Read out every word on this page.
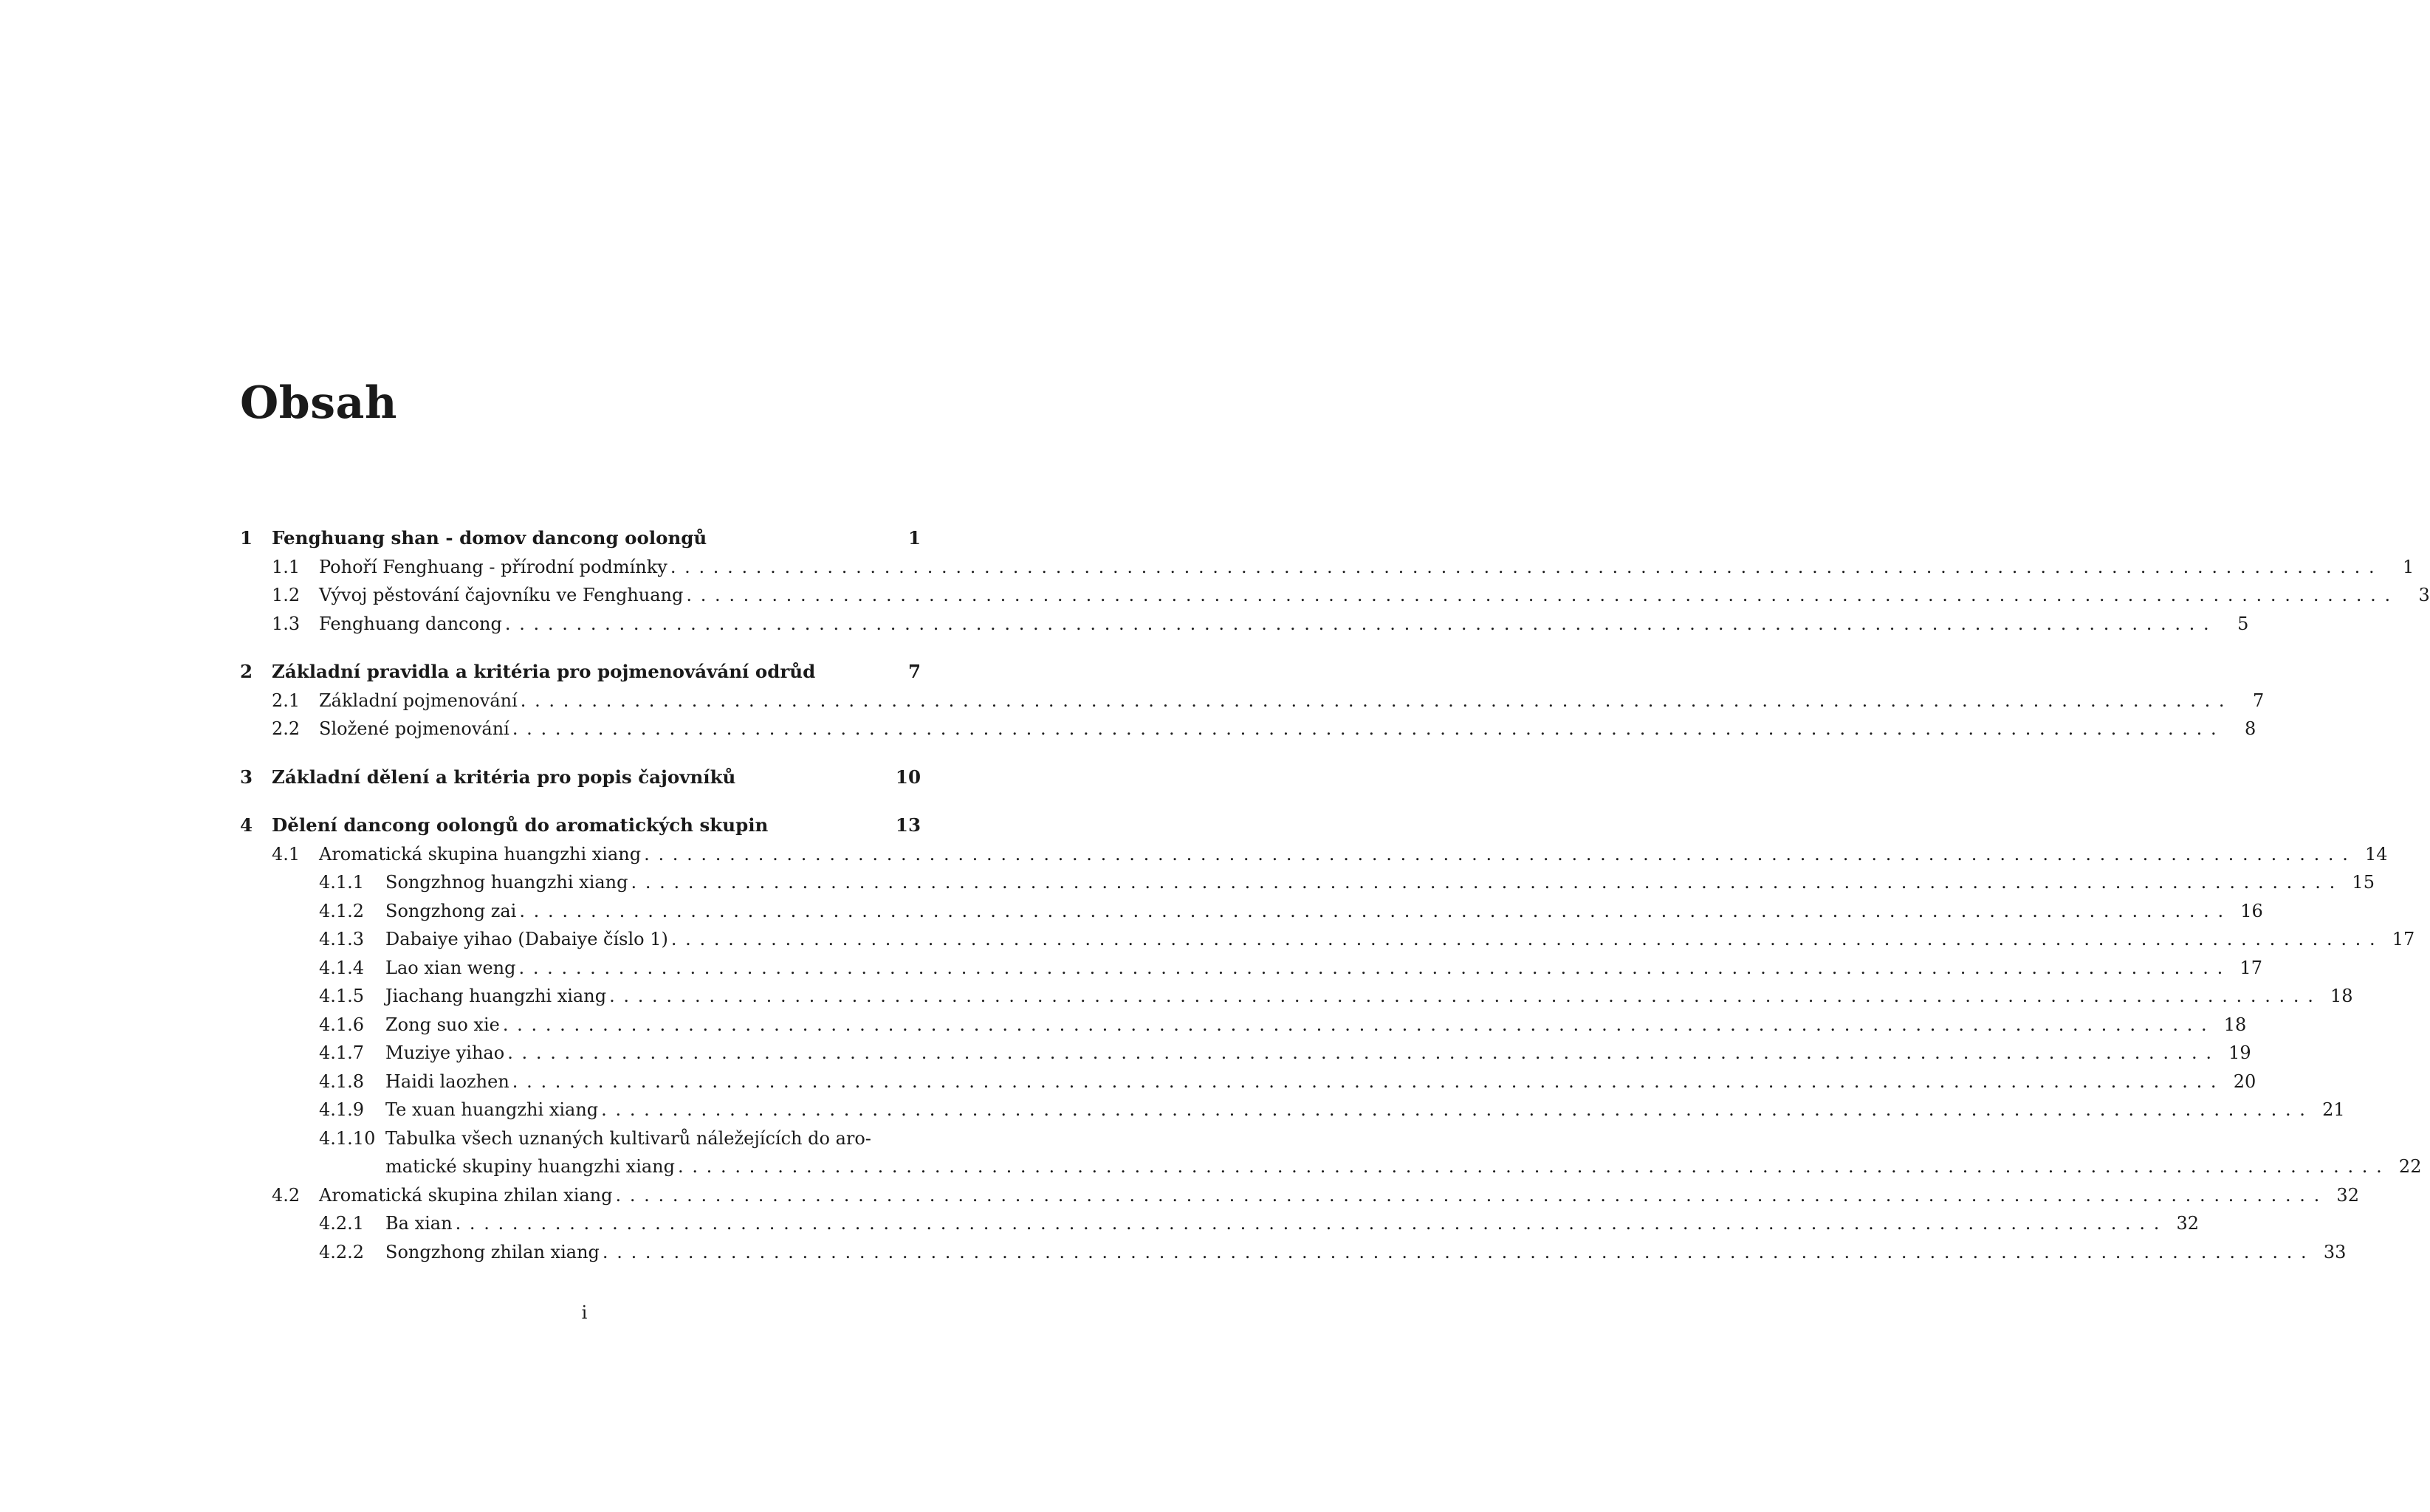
Obsah
1	Fenghuang shan - domov dancong oolongů	1
1.1	Pohoří Fenghuang - přírodní podmínky ........................................................................................................................	1
1.2	Vývoj pěstování čajovníku ve Fenghuang ........................................................................................................................	3
1.3	Fenghuang dancong ........................................................................................................................	5
2	Základní pravidla a kritéria pro pojmenovávání odrůd	7
2.1	Základní pojmenování ........................................................................................................................	7
2.2	Složené pojmenování ........................................................................................................................	8
3	Základní dělení a kritéria pro popis čajovníků	10
4	Dělení dancong oolongů do aromatických skupin	13
4.1	Aromatická skupina huangzhi xiang ........................................................................................................................ 14
4.1.1	Songzhnog huangzhi xiang ........................................................................................................................ 15
4.1.2	Songzhong zai ........................................................................................................................ 16
4.1.3	Dabaiye yihao (Dabaiye číslo 1) ........................................................................................................................ 17
4.1.4	Lao xian weng ........................................................................................................................ 17
4.1.5	Jiachang huangzhi xiang ........................................................................................................................ 18
4.1.6	Zong suo xie ........................................................................................................................ 18
4.1.7	Muziye yihao ........................................................................................................................ 19
4.1.8	Haidi laozhen ........................................................................................................................ 20
4.1.9	Te xuan huangzhi xiang ........................................................................................................................ 21
4.1.10 Tabulka všech uznaných kultivarů náležejících do aro-
matické skupiny huangzhi xiang ........................................................................................................................ 22
4.2	Aromatická skupina zhilan xiang ........................................................................................................................ 32
4.2.1	Ba xian ........................................................................................................................ 32
4.2.2	Songzhong zhilan xiang ........................................................................................................................ 33
i
